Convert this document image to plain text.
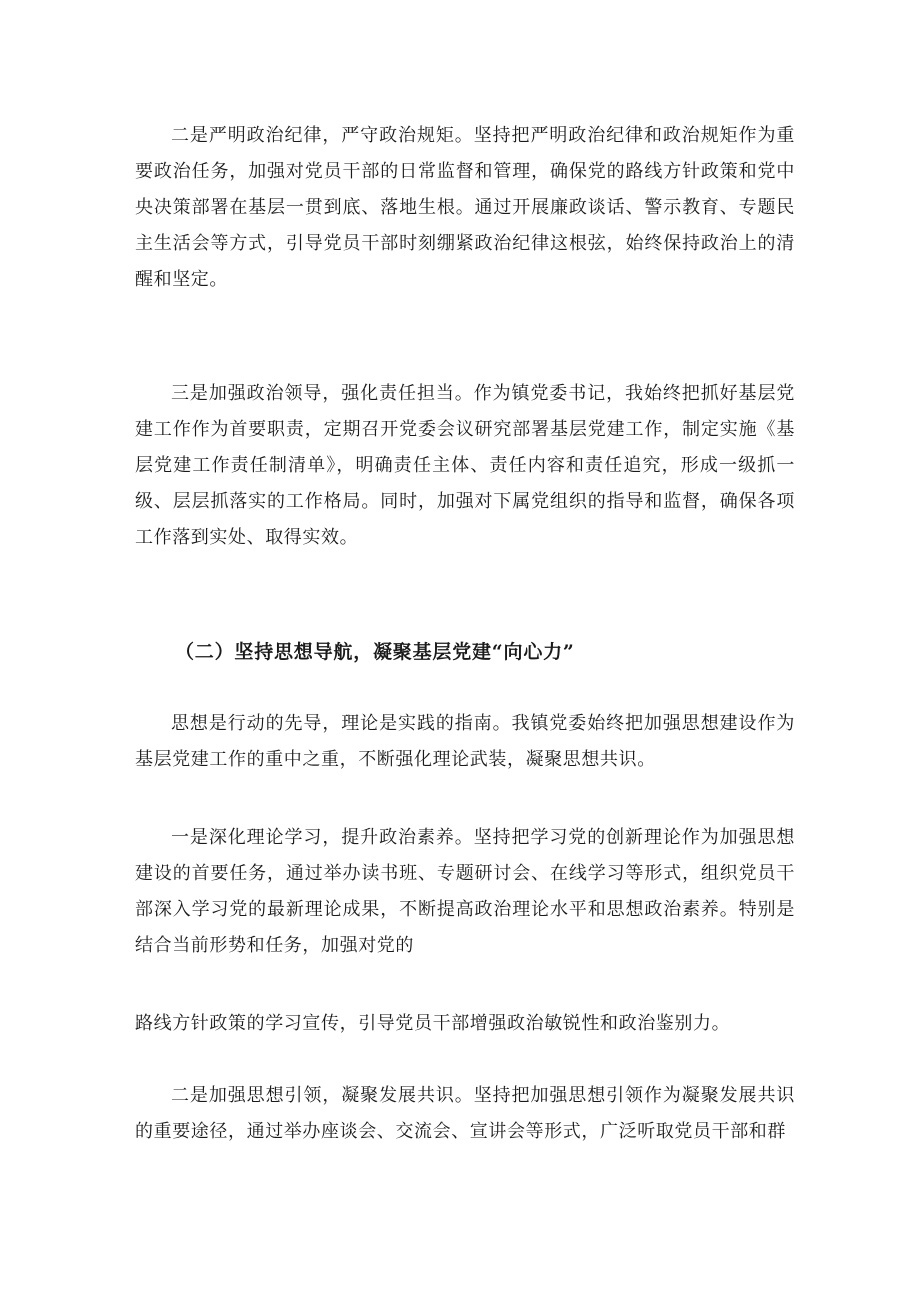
二是严明政治纪律，严守政治规矩。坚持把严明政治纪律和政治规矩作为重要政治任务，加强对党员干部的日常监督和管理，确保党的路线方针政策和党中央决策部署在基层一贯到底、落地生根。通过开展廉政谈话、警示教育、专题民主生活会等方式，引导党员干部时刻绷紧政治纪律这根弦，始终保持政治上的清醒和坚定。

三是加强政治领导，强化责任担当。作为镇党委书记，我始终把抓好基层党建工作作为首要职责，定期召开党委会议研究部署基层党建工作，制定实施《基层党建工作责任制清单》，明确责任主体、责任内容和责任追究，形成一级抓一级、层层抓落实的工作格局。同时，加强对下属党组织的指导和监督，确保各项工作落到实处、取得实效。

（二）坚持思想导航，凝聚基层党建“向心力”

思想是行动的先导，理论是实践的指南。我镇党委始终把加强思想建设作为基层党建工作的重中之重，不断强化理论武装，凝聚思想共识。

一是深化理论学习，提升政治素养。坚持把学习党的创新理论作为加强思想建设的首要任务，通过举办读书班、专题研讨会、在线学习等形式，组织党员干部深入学习党的最新理论成果，不断提高政治理论水平和思想政治素养。特别是结合当前形势和任务，加强对党的

路线方针政策的学习宣传，引导党员干部增强政治敏锐性和政治鉴别力。

二是加强思想引领，凝聚发展共识。坚持把加强思想引领作为凝聚发展共识的重要途径，通过举办座谈会、交流会、宣讲会等形式，广泛听取党员干部和群
